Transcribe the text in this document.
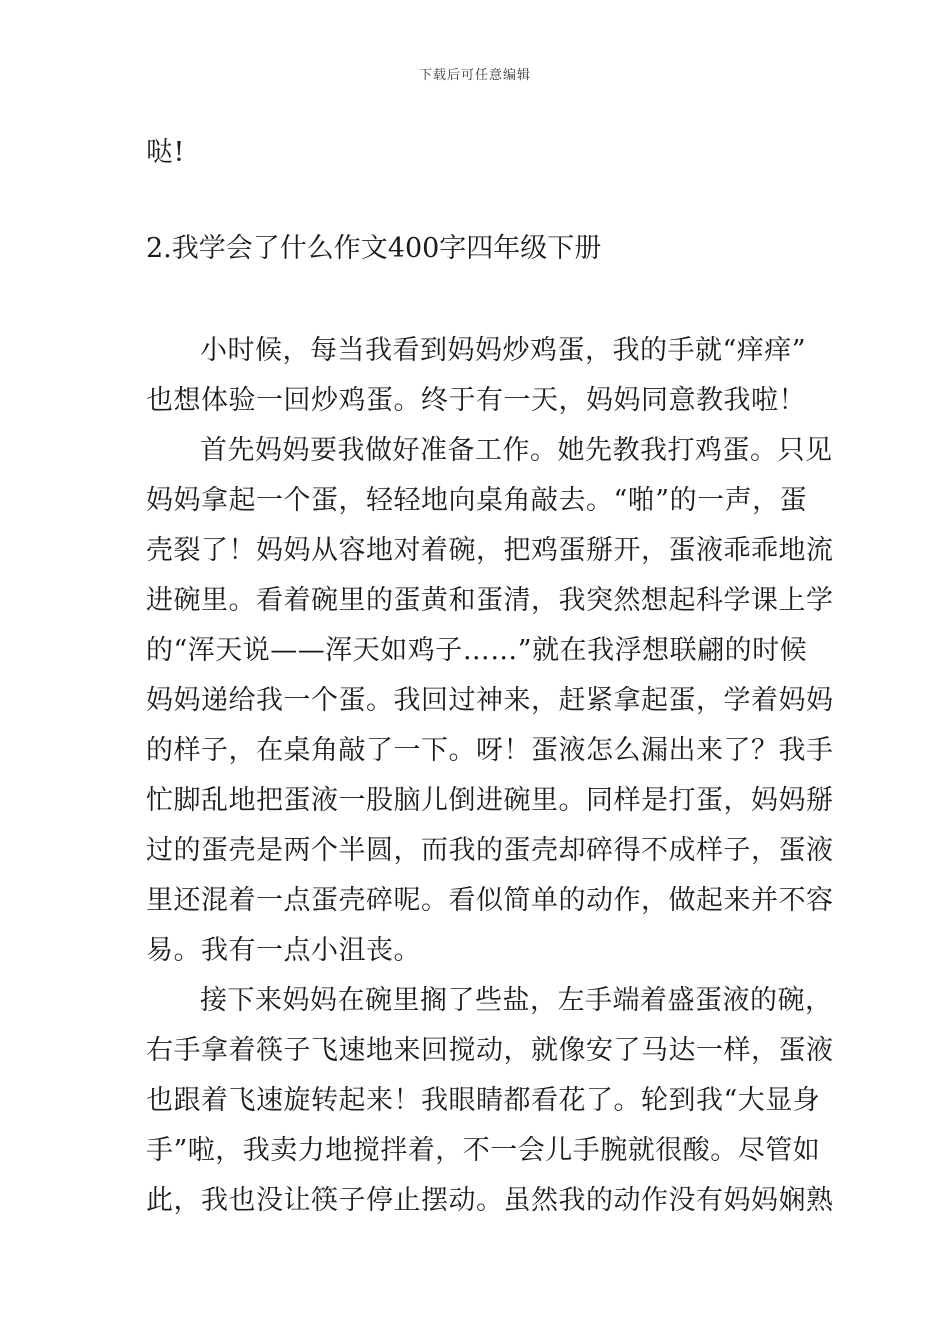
下载后可任意编辑
哒!
2.我学会了什么作文400字四年级下册
小时候，每当我看到妈妈炒鸡蛋，我的手就“痒痒”
也想体验一回炒鸡蛋。终于有一天，妈妈同意教我啦！
首先妈妈要我做好准备工作。她先教我打鸡蛋。只见
妈妈拿起一个蛋，轻轻地向桌角敲去。“啪”的一声，蛋
壳裂了！妈妈从容地对着碗，把鸡蛋掰开，蛋液乖乖地流
进碗里。看着碗里的蛋黄和蛋清，我突然想起科学课上学
的“浑天说——浑天如鸡子……”就在我浮想联翩的时候
妈妈递给我一个蛋。我回过神来，赶紧拿起蛋，学着妈妈
的样子，在桌角敲了一下。呀！蛋液怎么漏出来了？我手
忙脚乱地把蛋液一股脑儿倒进碗里。同样是打蛋，妈妈掰
过的蛋壳是两个半圆，而我的蛋壳却碎得不成样子，蛋液
里还混着一点蛋壳碎呢。看似简单的动作，做起来并不容
易。我有一点小沮丧。
接下来妈妈在碗里搁了些盐，左手端着盛蛋液的碗，
右手拿着筷子飞速地来回搅动，就像安了马达一样，蛋液
也跟着飞速旋转起来！我眼睛都看花了。轮到我“大显身
手”啦，我卖力地搅拌着，不一会儿手腕就很酸。尽管如
此，我也没让筷子停止摆动。虽然我的动作没有妈妈娴熟
